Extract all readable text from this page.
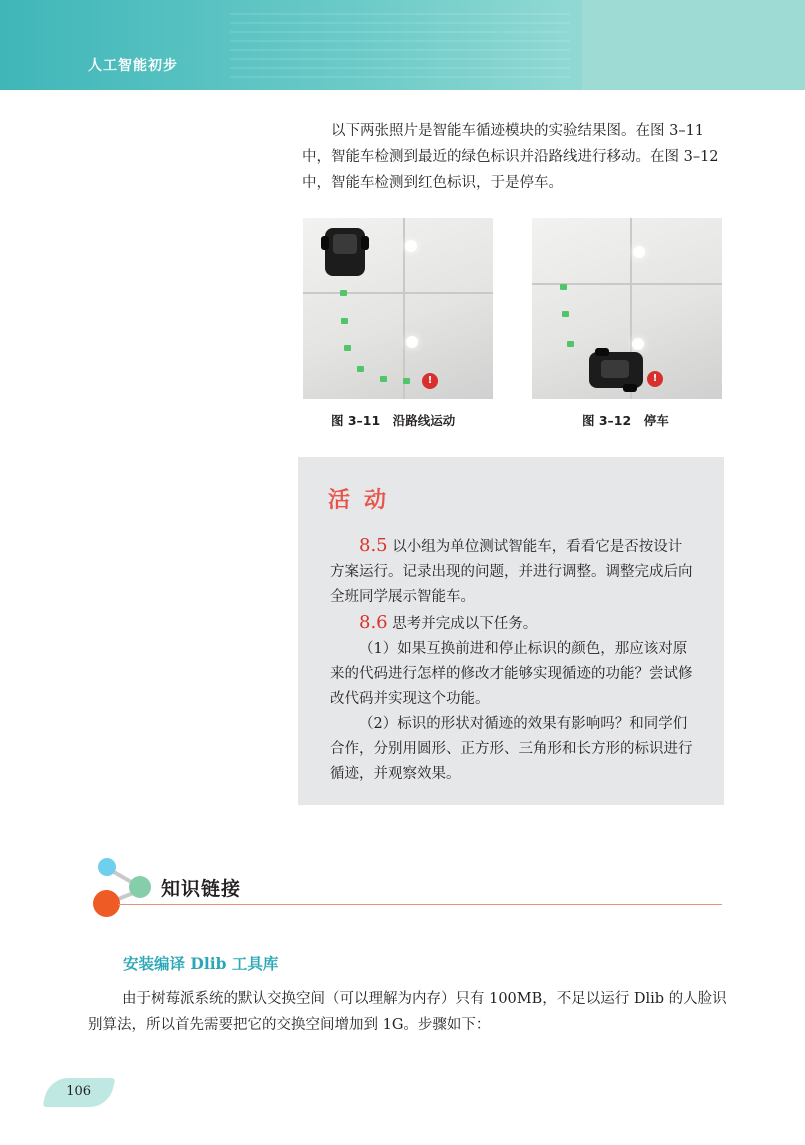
人工智能初步
以下两张照片是智能车循迹模块的实验结果图。在图 3–11 中，智能车检测到最近的绿色标识并沿路线进行移动。在图 3–12 中，智能车检测到红色标识，于是停车。
!
图 3–11　沿路线运动
!
图 3–12　停车
活动

8.5 以小组为单位测试智能车，看看它是否按设计方案运行。记录出现的问题，并进行调整。调整完成后向全班同学展示智能车。

8.6 思考并完成以下任务。

（1）如果互换前进和停止标识的颜色，那应该对原来的代码进行怎样的修改才能够实现循迹的功能？尝试修改代码并实现这个功能。

（2）标识的形状对循迹的效果有影响吗？和同学们合作，分别用圆形、正方形、三角形和长方形的标识进行循迹，并观察效果。

知识链接
安装编译 Dlib 工具库
由于树莓派系统的默认交换空间（可以理解为内存）只有 100MB，不足以运行 Dlib 的人脸识别算法，所以首先需要把它的交换空间增加到 1G。步骤如下：
106
